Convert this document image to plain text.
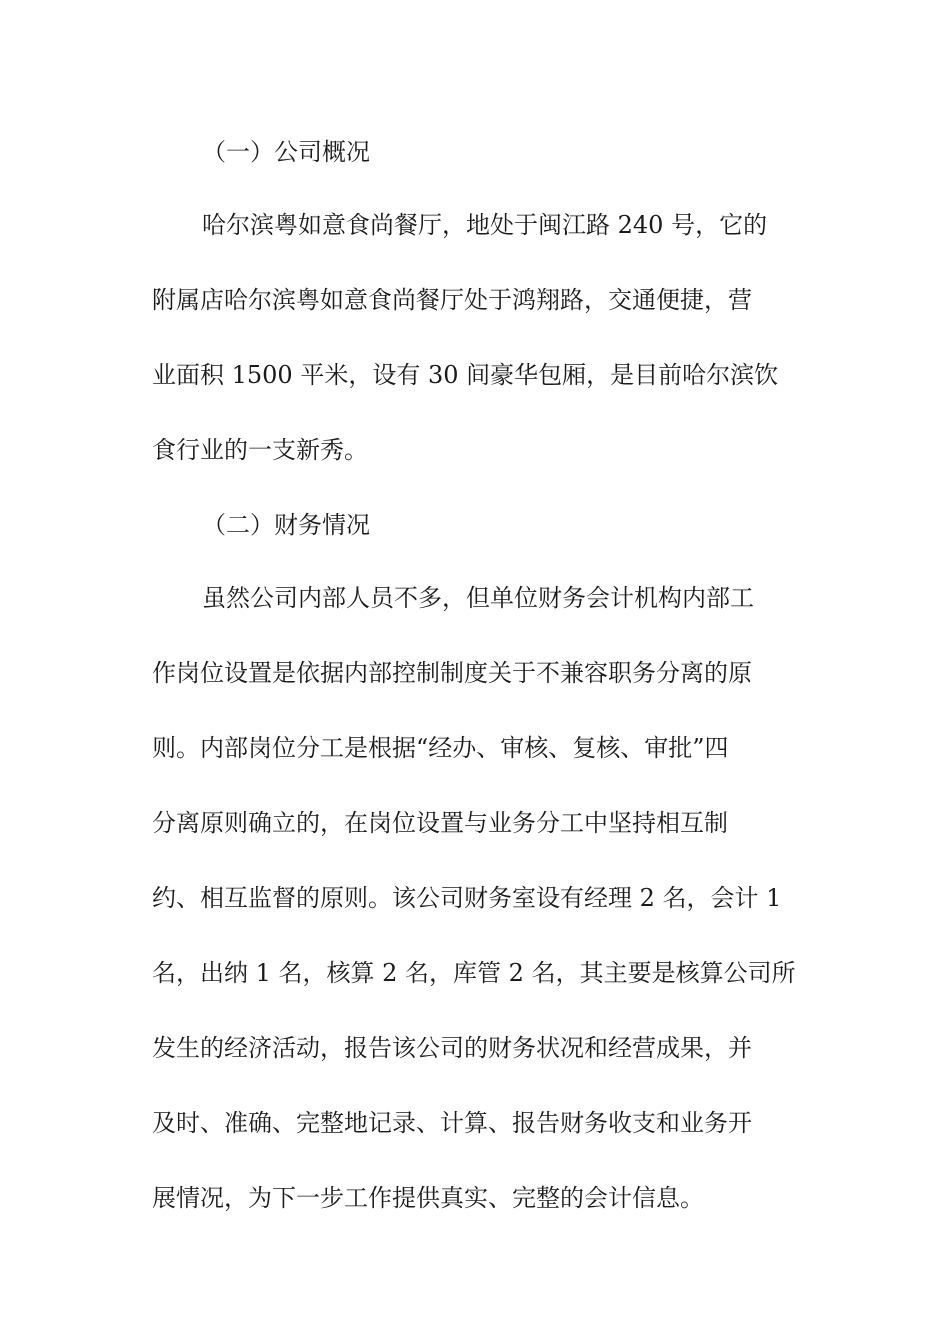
（一）公司概况
哈尔滨粤如意食尚餐厅，地处于闽江路 240 号，它的
附属店哈尔滨粤如意食尚餐厅处于鸿翔路，交通便捷，营
业面积 1500 平米，设有 30 间豪华包厢，是目前哈尔滨饮
食行业的一支新秀。
（二）财务情况
虽然公司内部人员不多，但单位财务会计机构内部工
作岗位设置是依据内部控制制度关于不兼容职务分离的原
则。内部岗位分工是根据“经办、审核、复核、审批”四
分离原则确立的，在岗位设置与业务分工中坚持相互制
约、相互监督的原则。该公司财务室设有经理 2 名，会计 1
名，出纳 1 名，核算 2 名，库管 2 名，其主要是核算公司所
发生的经济活动，报告该公司的财务状况和经营成果，并
及时、准确、完整地记录、计算、报告财务收支和业务开
展情况，为下一步工作提供真实、完整的会计信息。
